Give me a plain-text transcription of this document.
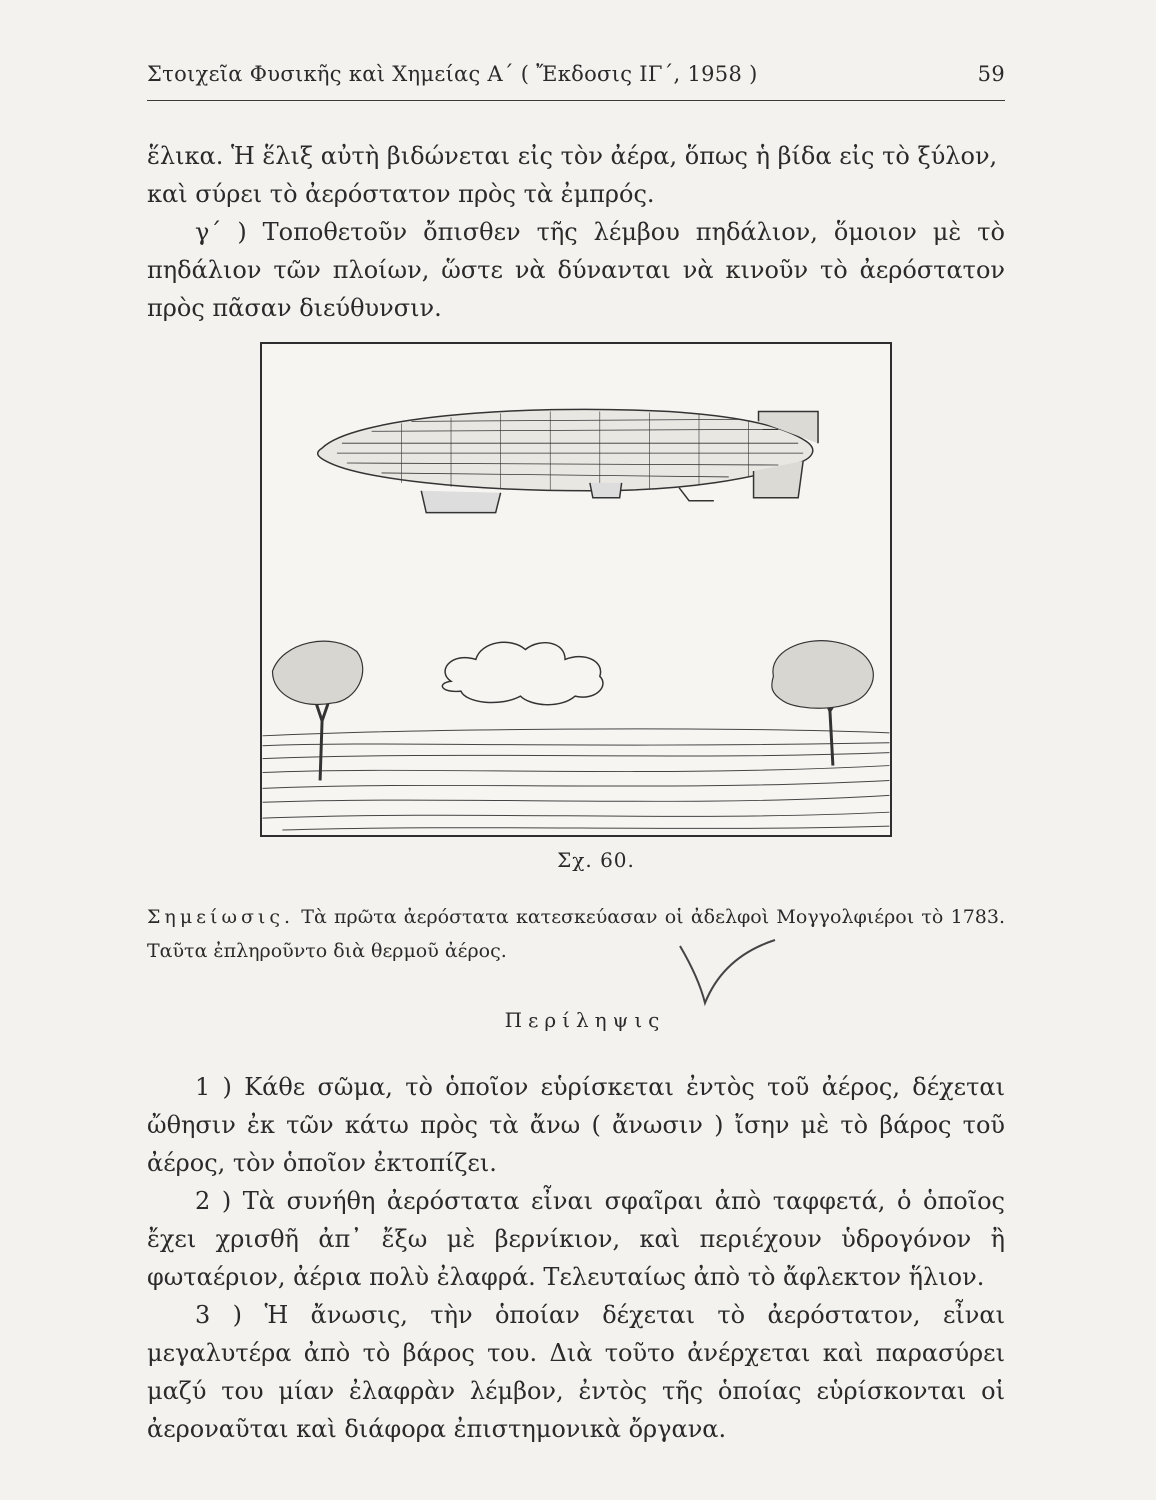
Στοιχεῖα Φυσικῆς καὶ Χημείας Α΄ ( Ἔκδοσις ΙΓ΄, 1958 )	59
ἕλικα. Ἡ ἕλιξ αὐτὴ βιδώνεται εἰς τὸν ἀέρα, ὅπως ἡ βίδα εἰς τὸ ξύλον,
καὶ σύρει τὸ ἀερόστατον πρὸς τὰ ἐμπρός.
γ΄ ) Τοποθετοῦν ὄπισθεν τῆς λέμβου πηδάλιον, ὅμοιον μὲ τὸ πηδάλιον τῶν πλοίων, ὥστε νὰ δύνανται νὰ κινοῦν τὸ ἀερόστατον πρὸς πᾶσαν διεύθυνσιν.
Σχ. 60.
Σημείωσις. Τὰ πρῶτα ἀερόστατα κατεσκεύασαν οἱ ἀδελφοὶ Μογγολφιέροι τὸ 1783. Ταῦτα ἐπληροῦντο διὰ θερμοῦ ἀέρος.
Περίληψις
1 ) Κάθε σῶμα, τὸ ὁποῖον εὑρίσκεται ἐντὸς τοῦ ἀέρος, δέχεται ὤθησιν ἐκ τῶν κάτω πρὸς τὰ ἄνω ( ἄνωσιν ) ἴσην μὲ τὸ βάρος τοῦ ἀέρος, τὸν ὁποῖον ἐκτοπίζει.
2 ) Τὰ συνήθη ἀερόστατα εἶναι σφαῖραι ἀπὸ ταφφετά, ὁ ὁποῖος ἔχει χρισθῆ ἀπ᾿ ἔξω μὲ βερνίκιον, καὶ περιέχουν ὑδρογόνον ἢ φωταέριον, ἀέρια πολὺ ἐλαφρά. Τελευταίως ἀπὸ τὸ ἄφλεκτον ἥλιον.
3 ) Ἡ ἄνωσις, τὴν ὁποίαν δέχεται τὸ ἀερόστατον, εἶναι μεγαλυτέρα ἀπὸ τὸ βάρος του. Διὰ τοῦτο ἀνέρχεται καὶ παρασύρει μαζύ του μίαν ἐλαφρὰν λέμβον, ἐντὸς τῆς ὁποίας εὑρίσκονται οἱ ἀεροναῦται καὶ διάφορα ἐπιστημονικὰ ὄργανα.
